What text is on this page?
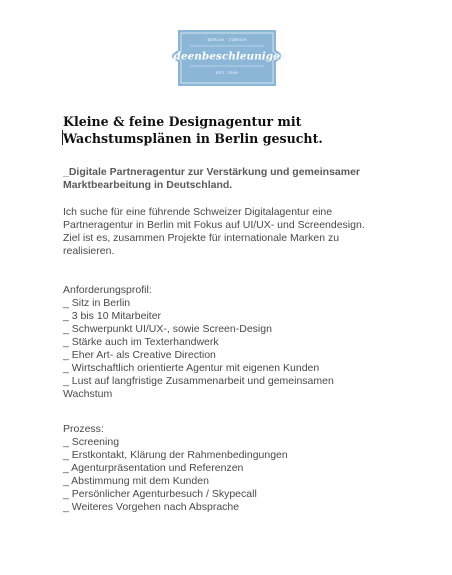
BERLIN · ZÜRICH
Ideenbeschleuniger
EST. 2009
Kleine & feine Designagentur mit
Wachstumsplänen in Berlin gesucht.
_Digitale Partneragentur zur Verstärkung und gemeinsamer
Marktbearbeitung in Deutschland.
Ich suche für eine führende Schweizer Digitalagentur eine
Partneragentur in Berlin mit Fokus auf UI/UX- und Screendesign.
Ziel ist es, zusammen Projekte für internationale Marken zu
realisieren.
Anforderungsprofil:
_ Sitz in Berlin
_ 3 bis 10 Mitarbeiter
_ Schwerpunkt UI/UX-, sowie Screen-Design
_ Stärke auch im Texterhandwerk
_ Eher Art- als Creative Direction
_ Wirtschaftlich orientierte Agentur mit eigenen Kunden
_ Lust auf langfristige Zusammenarbeit und gemeinsamen
Wachstum
Prozess:
_ Screening
_ Erstkontakt, Klärung der Rahmenbedingungen
_ Agenturpräsentation und Referenzen
_ Abstimmung mit dem Kunden
_ Persönlicher Agenturbesuch / Skypecall
_ Weiteres Vorgehen nach Absprache
